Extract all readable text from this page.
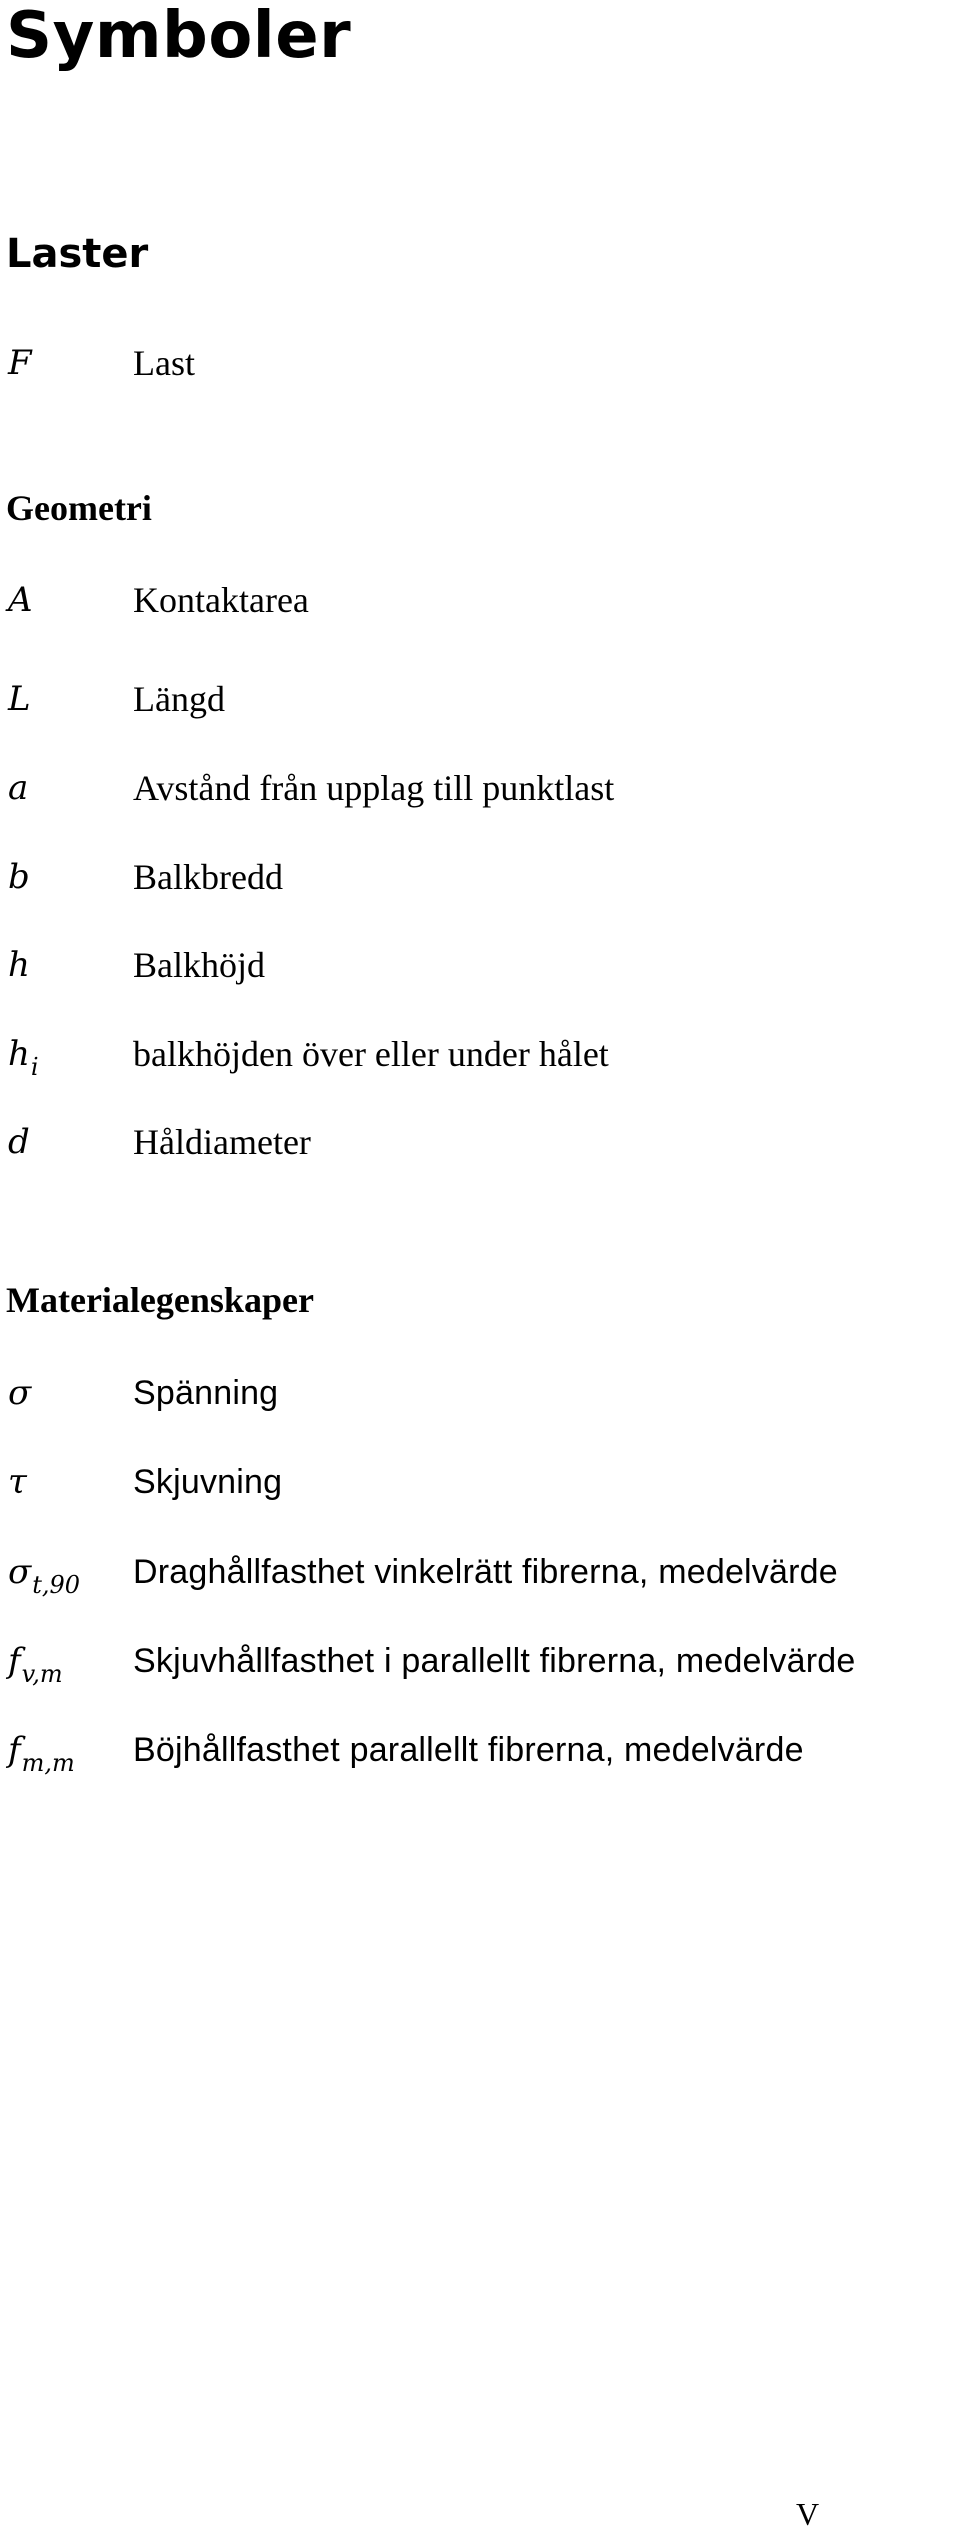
Symboler
Laster
F	Last
Geometri
A	Kontaktarea
L	Längd
a	Avstånd från upplag till punktlast
b	Balkbredd
h	Balkhöjd
$h_i$	balkhöjden över eller under hålet
d	Håldiameter
Materialegenskaper
σ	Spänning
τ	Skjuvning
$\sigma_{t,90}$ Draghållfasthet vinkelrätt fibrerna, medelvärde
$f_{v,m}$ Skjuvhållfasthet i parallellt fibrerna, medelvärde
$f_{m,m}$ Böjhållfasthet parallellt fibrerna, medelvärde
V
